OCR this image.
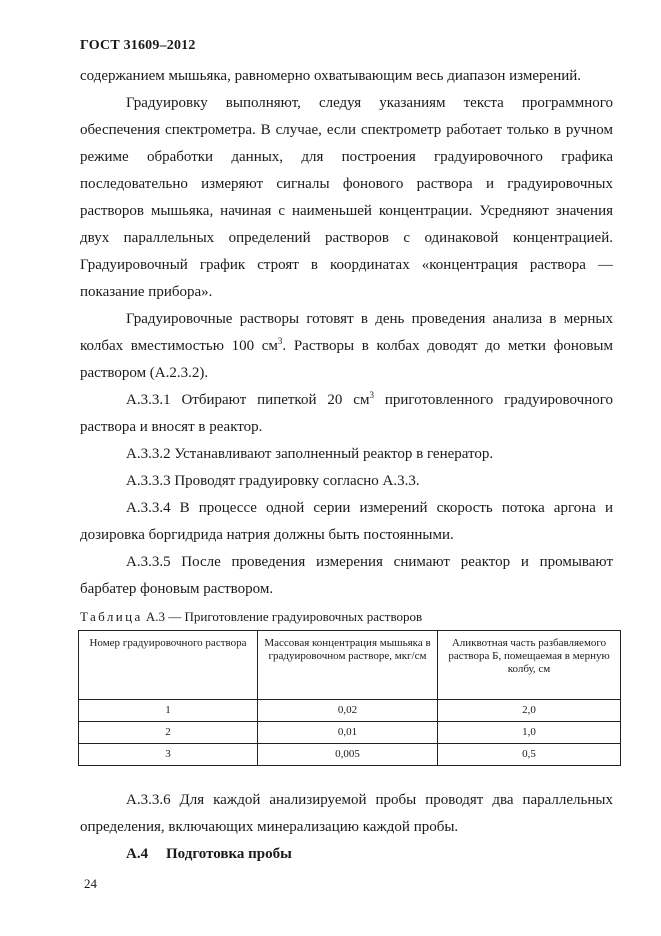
ГОСТ 31609–2012

содержанием мышьяка, равномерно охватывающим весь диапазон измерений.

Градуировку выполняют, следуя указаниям текста программного обеспечения спектрометра. В случае, если спектрометр работает только в ручном режиме обработки данных, для построения градуировочного графика последовательно измеряют сигналы фонового раствора и градуировочных растворов мышьяка, начиная с наименьшей концентрации. Усредняют значения двух параллельных определений растворов с одинаковой концентрацией. Градуировочный график строят в координатах «концентрация раствора — показание прибора».

Градуировочные растворы готовят в день проведения анализа в мерных колбах вместимостью 100 $см^3$. Растворы в колбах доводят до метки фоновым раствором (А.2.3.2).

А.3.3.1 Отбирают пипеткой 20 $см^3$ приготовленного градуировочного раствора и вносят в реактор.

А.3.3.2 Устанавливают заполненный реактор в генератор.

А.3.3.3 Проводят градуировку согласно А.3.3.

А.3.3.4 В процессе одной серии измерений скорость потока аргона и дозировка боргидрида натрия должны быть постоянными.

А.3.3.5 После проведения измерения снимают реактор и промывают барбатер фоновым раствором.

Таблица А.3 — Приготовление градуировочных растворов

Номер градуировочного раствора	Массовая концентрация мышьяка в градуировочном растворе, мкг/см	Аликвотная часть разбавляемого раствора Б, помещаемая в мерную колбу, см
1	0,02	2,0
2	0,01	1,0
3	0,005	0,5

А.3.3.6 Для каждой анализируемой пробы проводят два параллельных определения, включающих минерализацию каждой пробы.

А.4 Подготовка пробы

24
